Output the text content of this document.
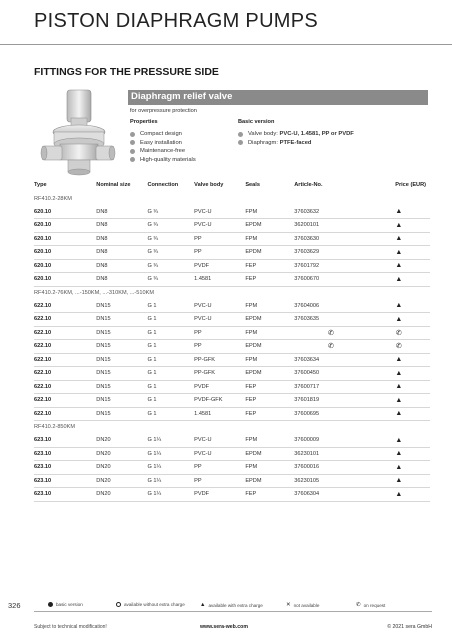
PISTON DIAPHRAGM PUMPS
FITTINGS FOR THE PRESSURE SIDE
Diaphragm relief valve
for overpressure protection
Properties
Compact design
Easy installation
Maintenance-free
High-quality materials
Basic version
Valve body: PVC-U, 1.4581, PP or PVDF
Diaphragm: PTFE-faced
Type	Nominal size	Connection	Valve body	Seals	Article-No.	Price (EUR)
RF410.2-28KM						
620.10	DN8	G ¾	PVC-U	FPM	37603632	▲
620.10	DN8	G ¾	PVC-U	EPDM	36200101	▲
620.10	DN8	G ¾	PP	FPM	37603630	▲
620.10	DN8	G ¾	PP	EPDM	37603629	▲
620.10	DN8	G ¾	PVDF	FEP	37601792	▲
620.10	DN8	G ¾	1.4581	FEP	37600670	▲
RF410.2-76KM, ...-150KM, ...-310KM, ...-510KM						
622.10	DN15	G 1	PVC-U	FPM	37604006	▲
622.10	DN15	G 1	PVC-U	EPDM	37603635	▲
622.10	DN15	G 1	PP	FPM	✆	✆
622.10	DN15	G 1	PP	EPDM	✆	✆
622.10	DN15	G 1	PP-GFK	FPM	37603634	▲
622.10	DN15	G 1	PP-GFK	EPDM	37600450	▲
622.10	DN15	G 1	PVDF	FEP	37600717	▲
622.10	DN15	G 1	PVDF-GFK	FEP	37601819	▲
622.10	DN15	G 1	1.4581	FEP	37600695	▲
RF410.2-850KM						
623.10	DN20	G 1¼	PVC-U	FPM	37600009	▲
623.10	DN20	G 1¼	PVC-U	EPDM	36230101	▲
623.10	DN20	G 1¼	PP	FPM	37600016	▲
623.10	DN20	G 1¼	PP	EPDM	36230105	▲
623.10	DN20	G 1¼	PVDF	FEP	37606304	▲
326	basic version	available without extra charge	▲ available with extra charge	✕ not available	✆ on request
Subject to technical modification!	www.sera-web.com	© 2021 sera GmbH
